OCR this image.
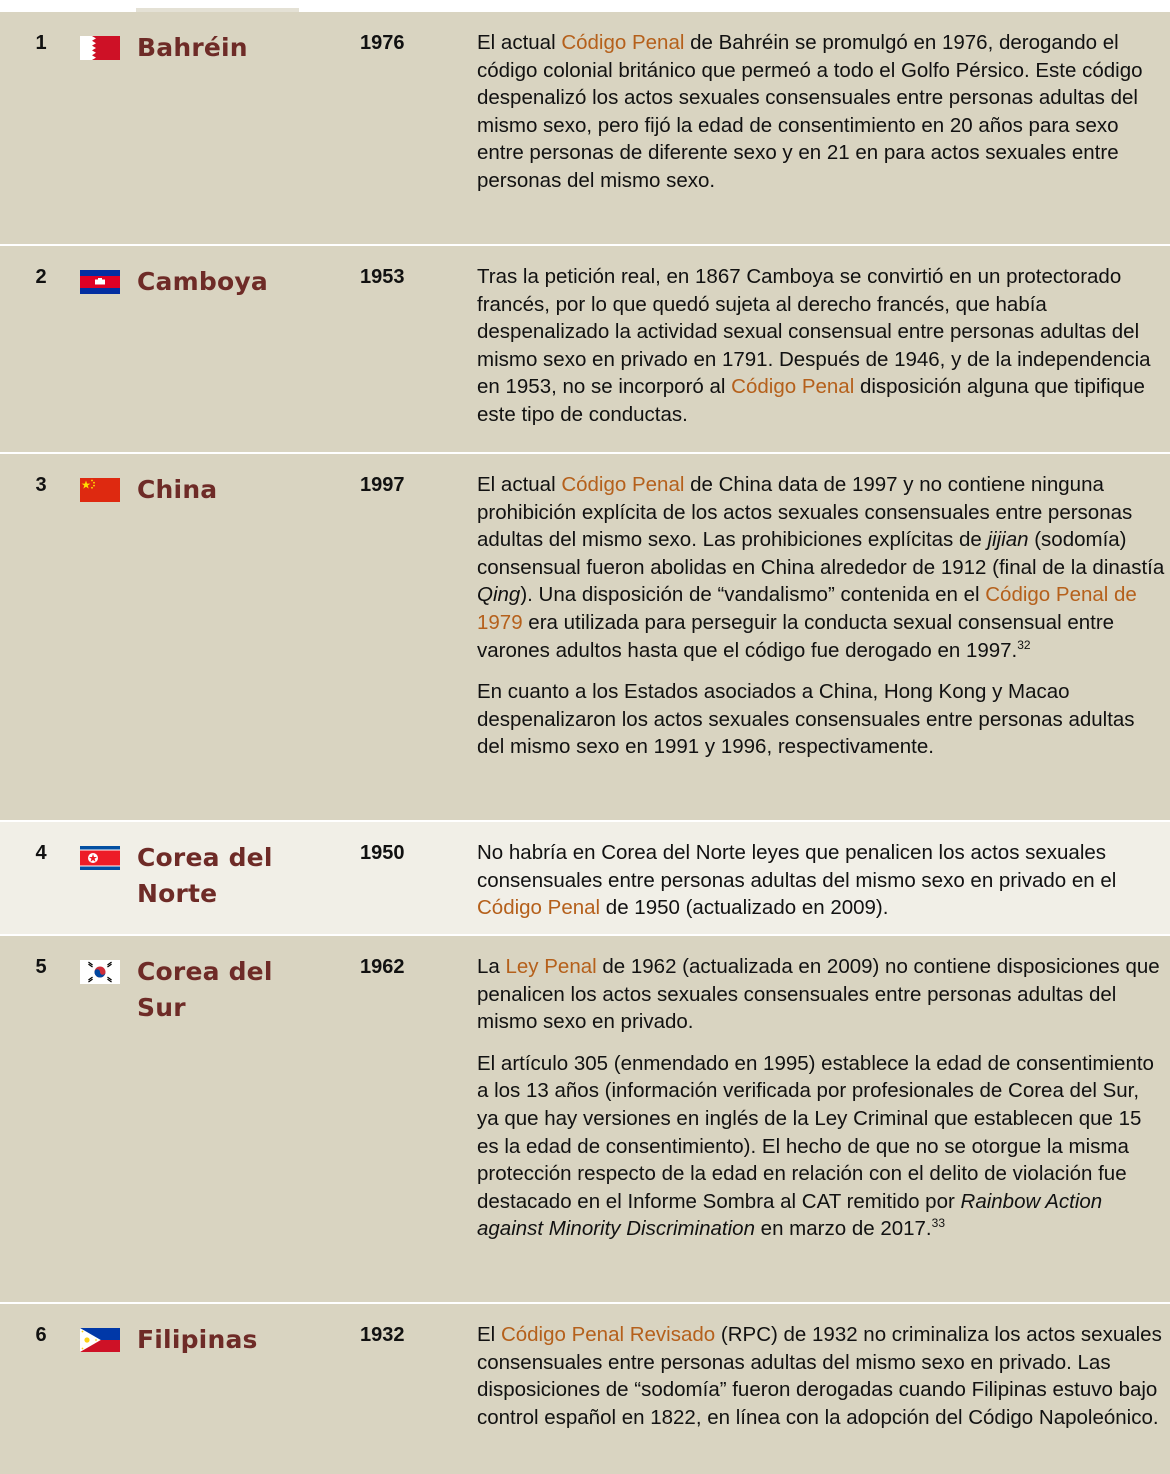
1	Bahréin	1976	El actual Código Penal de Bahréin se promulgó en 1976, derogando el código colonial británico que permeó a todo el Golfo Pérsico. Este código despenalizó los actos sexuales consensuales entre personas adultas del mismo sexo, pero fijó la edad de consentimiento en 20 años para sexo entre personas de diferente sexo y en 21 en para actos sexuales entre personas del mismo sexo.

2	Camboya	1953	Tras la petición real, en 1867 Camboya se convirtió en un protectorado francés, por lo que quedó sujeta al derecho francés, que había despenalizado la actividad sexual consensual entre personas adultas del mismo sexo en privado en 1791. Después de 1946, y de la independencia en 1953, no se incorporó al Código Penal disposición alguna que tipifique este tipo de conductas.

3	China	1997	El actual Código Penal de China data de 1997 y no contiene ninguna prohibición explícita de los actos sexuales consensuales entre personas adultas del mismo sexo. Las prohibiciones explícitas de jijian (sodomía) consensual fueron abolidas en China alrededor de 1912 (final de la dinastía Qing). Una disposición de “vandalismo” contenida en el Código Penal de 1979 era utilizada para perseguir la conducta sexual consensual entre varones adultos hasta que el código fue derogado en 1997.32

En cuanto a los Estados asociados a China, Hong Kong y Macao despenalizaron los actos sexuales consensuales entre personas adultas del mismo sexo en 1991 y 1996, respectivamente.

4	Corea del
Norte
1950	No habría en Corea del Norte leyes que penalicen los actos sexuales consensuales entre personas adultas del mismo sexo en privado en el Código Penal de 1950 (actualizado en 2009).

5	Corea del
Sur
1962	La Ley Penal de 1962 (actualizada en 2009) no contiene disposiciones que penalicen los actos sexuales consensuales entre personas adultas del mismo sexo en privado.

El artículo 305 (enmendado en 1995) establece la edad de consentimiento a los 13 años (información verificada por profesionales de Corea del Sur, ya que hay versiones en inglés de la Ley Criminal que establecen que 15 es la edad de consentimiento). El hecho de que no se otorgue la misma protección respecto de la edad en relación con el delito de violación fue destacado en el Informe Sombra al CAT remitido por Rainbow Action against Minority Discrimination en marzo de 2017.33

6	Filipinas	1932	El Código Penal Revisado (RPC) de 1932 no criminaliza los actos sexuales consensuales entre personas adultas del mismo sexo en privado. Las disposiciones de “sodomía” fueron derogadas cuando Filipinas estuvo bajo control español en 1822, en línea con la adopción del Código Napoleónico.
